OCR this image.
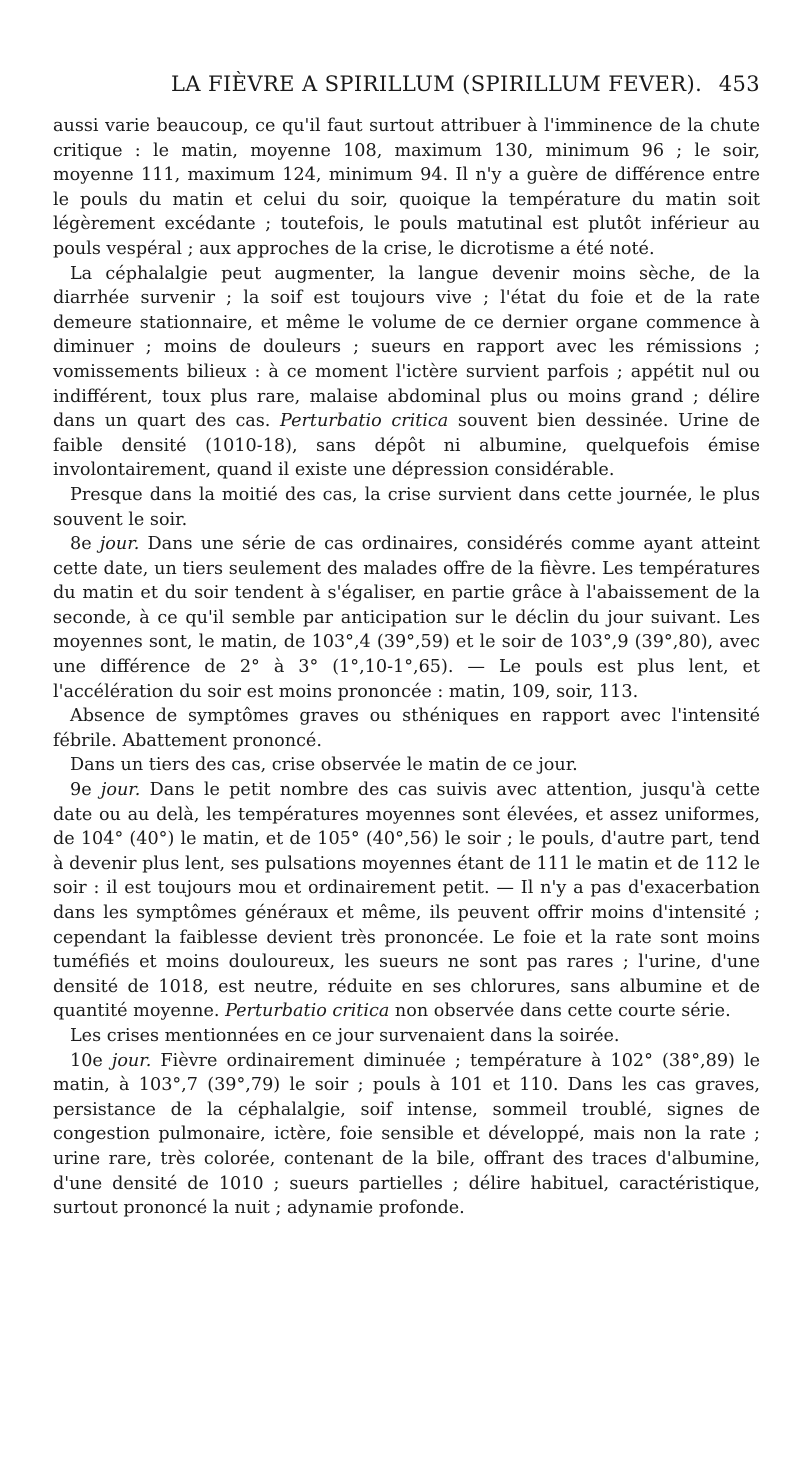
LA FIÈVRE A SPIRILLUM (SPIRILLUM FEVER). 453

aussi varie beaucoup, ce qu'il faut surtout attribuer à l'imminence de la chute critique : le matin, moyenne 108, maximum 130, minimum 96 ; le soir, moyenne 111, maximum 124, minimum 94. Il n'y a guère de différence entre le pouls du matin et celui du soir, quoique la température du matin soit légèrement excédante ; toutefois, le pouls matutinal est plutôt inférieur au pouls vespéral ; aux approches de la crise, le dicrotisme a été noté.

La céphalalgie peut augmenter, la langue devenir moins sèche, de la diarrhée survenir ; la soif est toujours vive ; l'état du foie et de la rate demeure stationnaire, et même le volume de ce dernier organe commence à diminuer ; moins de douleurs ; sueurs en rapport avec les rémissions ; vomissements bilieux : à ce moment l'ictère survient parfois ; appétit nul ou indifférent, toux plus rare, malaise abdominal plus ou moins grand ; délire dans un quart des cas. Perturbatio critica souvent bien dessinée. Urine de faible densité (1010-18), sans dépôt ni albumine, quelquefois émise involontairement, quand il existe une dépression considérable.

Presque dans la moitié des cas, la crise survient dans cette journée, le plus souvent le soir.

8e jour. Dans une série de cas ordinaires, considérés comme ayant atteint cette date, un tiers seulement des malades offre de la fièvre. Les températures du matin et du soir tendent à s'égaliser, en partie grâce à l'abaissement de la seconde, à ce qu'il semble par anticipation sur le déclin du jour suivant. Les moyennes sont, le matin, de 103°,4 (39°,59) et le soir de 103°,9 (39°,80), avec une différence de 2° à 3° (1°,10-1°,65). — Le pouls est plus lent, et l'accélération du soir est moins prononcée : matin, 109, soir, 113.

Absence de symptômes graves ou sthéniques en rapport avec l'intensité fébrile. Abattement prononcé.

Dans un tiers des cas, crise observée le matin de ce jour.

9e jour. Dans le petit nombre des cas suivis avec attention, jusqu'à cette date ou au delà, les températures moyennes sont élevées, et assez uniformes, de 104° (40°) le matin, et de 105° (40°,56) le soir ; le pouls, d'autre part, tend à devenir plus lent, ses pulsations moyennes étant de 111 le matin et de 112 le soir : il est toujours mou et ordinairement petit. — Il n'y a pas d'exacerbation dans les symptômes généraux et même, ils peuvent offrir moins d'intensité ; cependant la faiblesse devient très prononcée. Le foie et la rate sont moins tuméfiés et moins douloureux, les sueurs ne sont pas rares ; l'urine, d'une densité de 1018, est neutre, réduite en ses chlorures, sans albumine et de quantité moyenne. Perturbatio critica non observée dans cette courte série.

Les crises mentionnées en ce jour survenaient dans la soirée.

10e jour. Fièvre ordinairement diminuée ; température à 102° (38°,89) le matin, à 103°,7 (39°,79) le soir ; pouls à 101 et 110. Dans les cas graves, persistance de la céphalalgie, soif intense, sommeil troublé, signes de congestion pulmonaire, ictère, foie sensible et développé, mais non la rate ; urine rare, très colorée, contenant de la bile, offrant des traces d'albumine, d'une densité de 1010 ; sueurs partielles ; délire habituel, caractéristique, surtout prononcé la nuit ; adynamie profonde.
